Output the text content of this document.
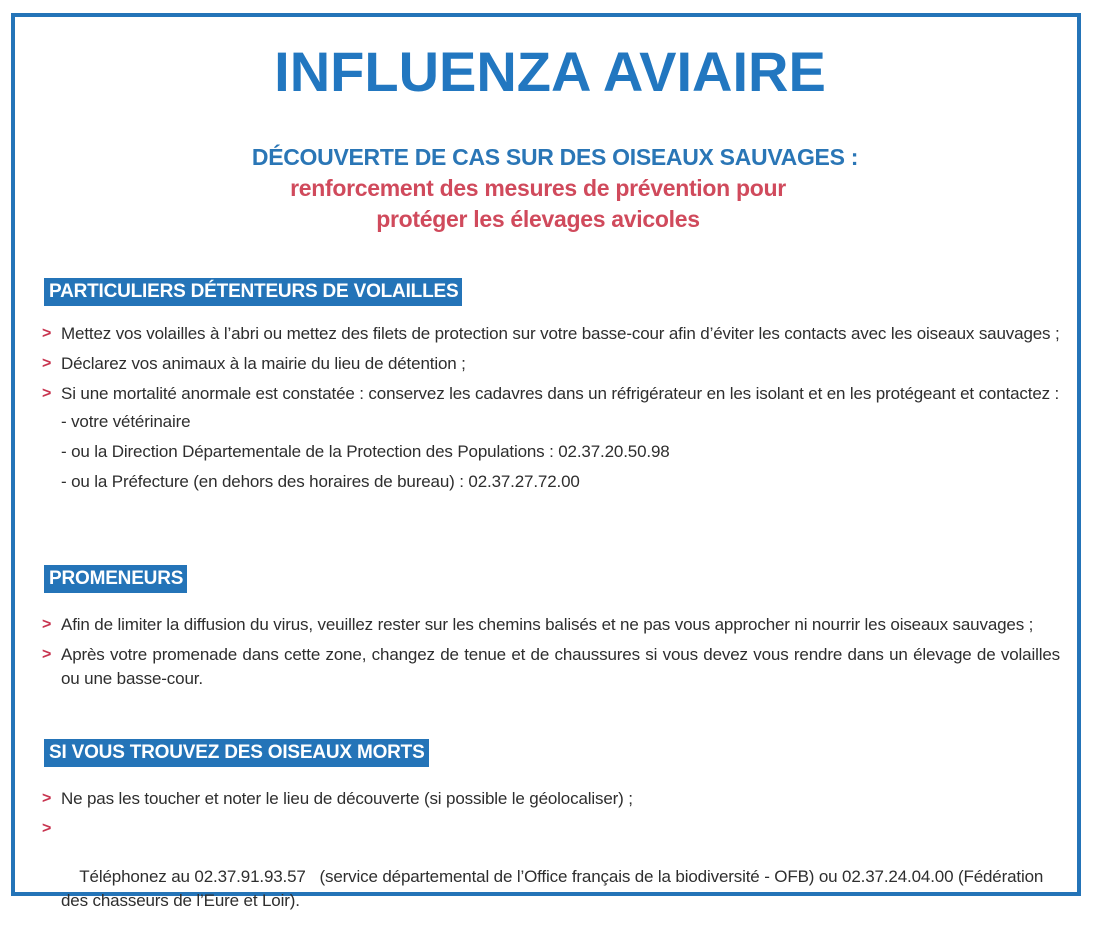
INFLUENZA AVIAIRE
DÉCOUVERTE DE CAS SUR DES OISEAUX SAUVAGES :
renforcement des mesures de prévention pour
protéger les élevages avicoles
PARTICULIERS DÉTENTEURS DE VOLAILLES
> Mettez vos volailles à l’abri ou mettez des filets de protection sur votre basse-cour afin d’éviter les contacts avec les oiseaux sauvages ;
> Déclarez vos animaux à la mairie du lieu de détention ;
> Si une mortalité anormale est constatée : conservez les cadavres dans un réfrigérateur en les isolant et en les protégeant et contactez :
- votre vétérinaire
- ou la Direction Départementale de la Protection des Populations : 02.37.20.50.98
- ou la Préfecture (en dehors des horaires de bureau) : 02.37.27.72.00
PROMENEURS
> Afin de limiter la diffusion du virus, veuillez rester sur les chemins balisés et ne pas vous approcher ni nourrir les oiseaux sauvages ;
> Après votre promenade dans cette zone, changez de tenue et de chaussures si vous devez vous rendre dans un élevage de volailles ou une basse-cour.
SI VOUS TROUVEZ DES OISEAUX MORTS
> Ne pas les toucher et noter le lieu de découverte (si possible le géolocaliser) ;

>

Téléphonez au 02.37.91.93.57   (service départemental de l’Office français de la biodiversité - OFB) ou 02.37.24.04.00 (Fédération des chasseurs de l’Eure et Loir).
